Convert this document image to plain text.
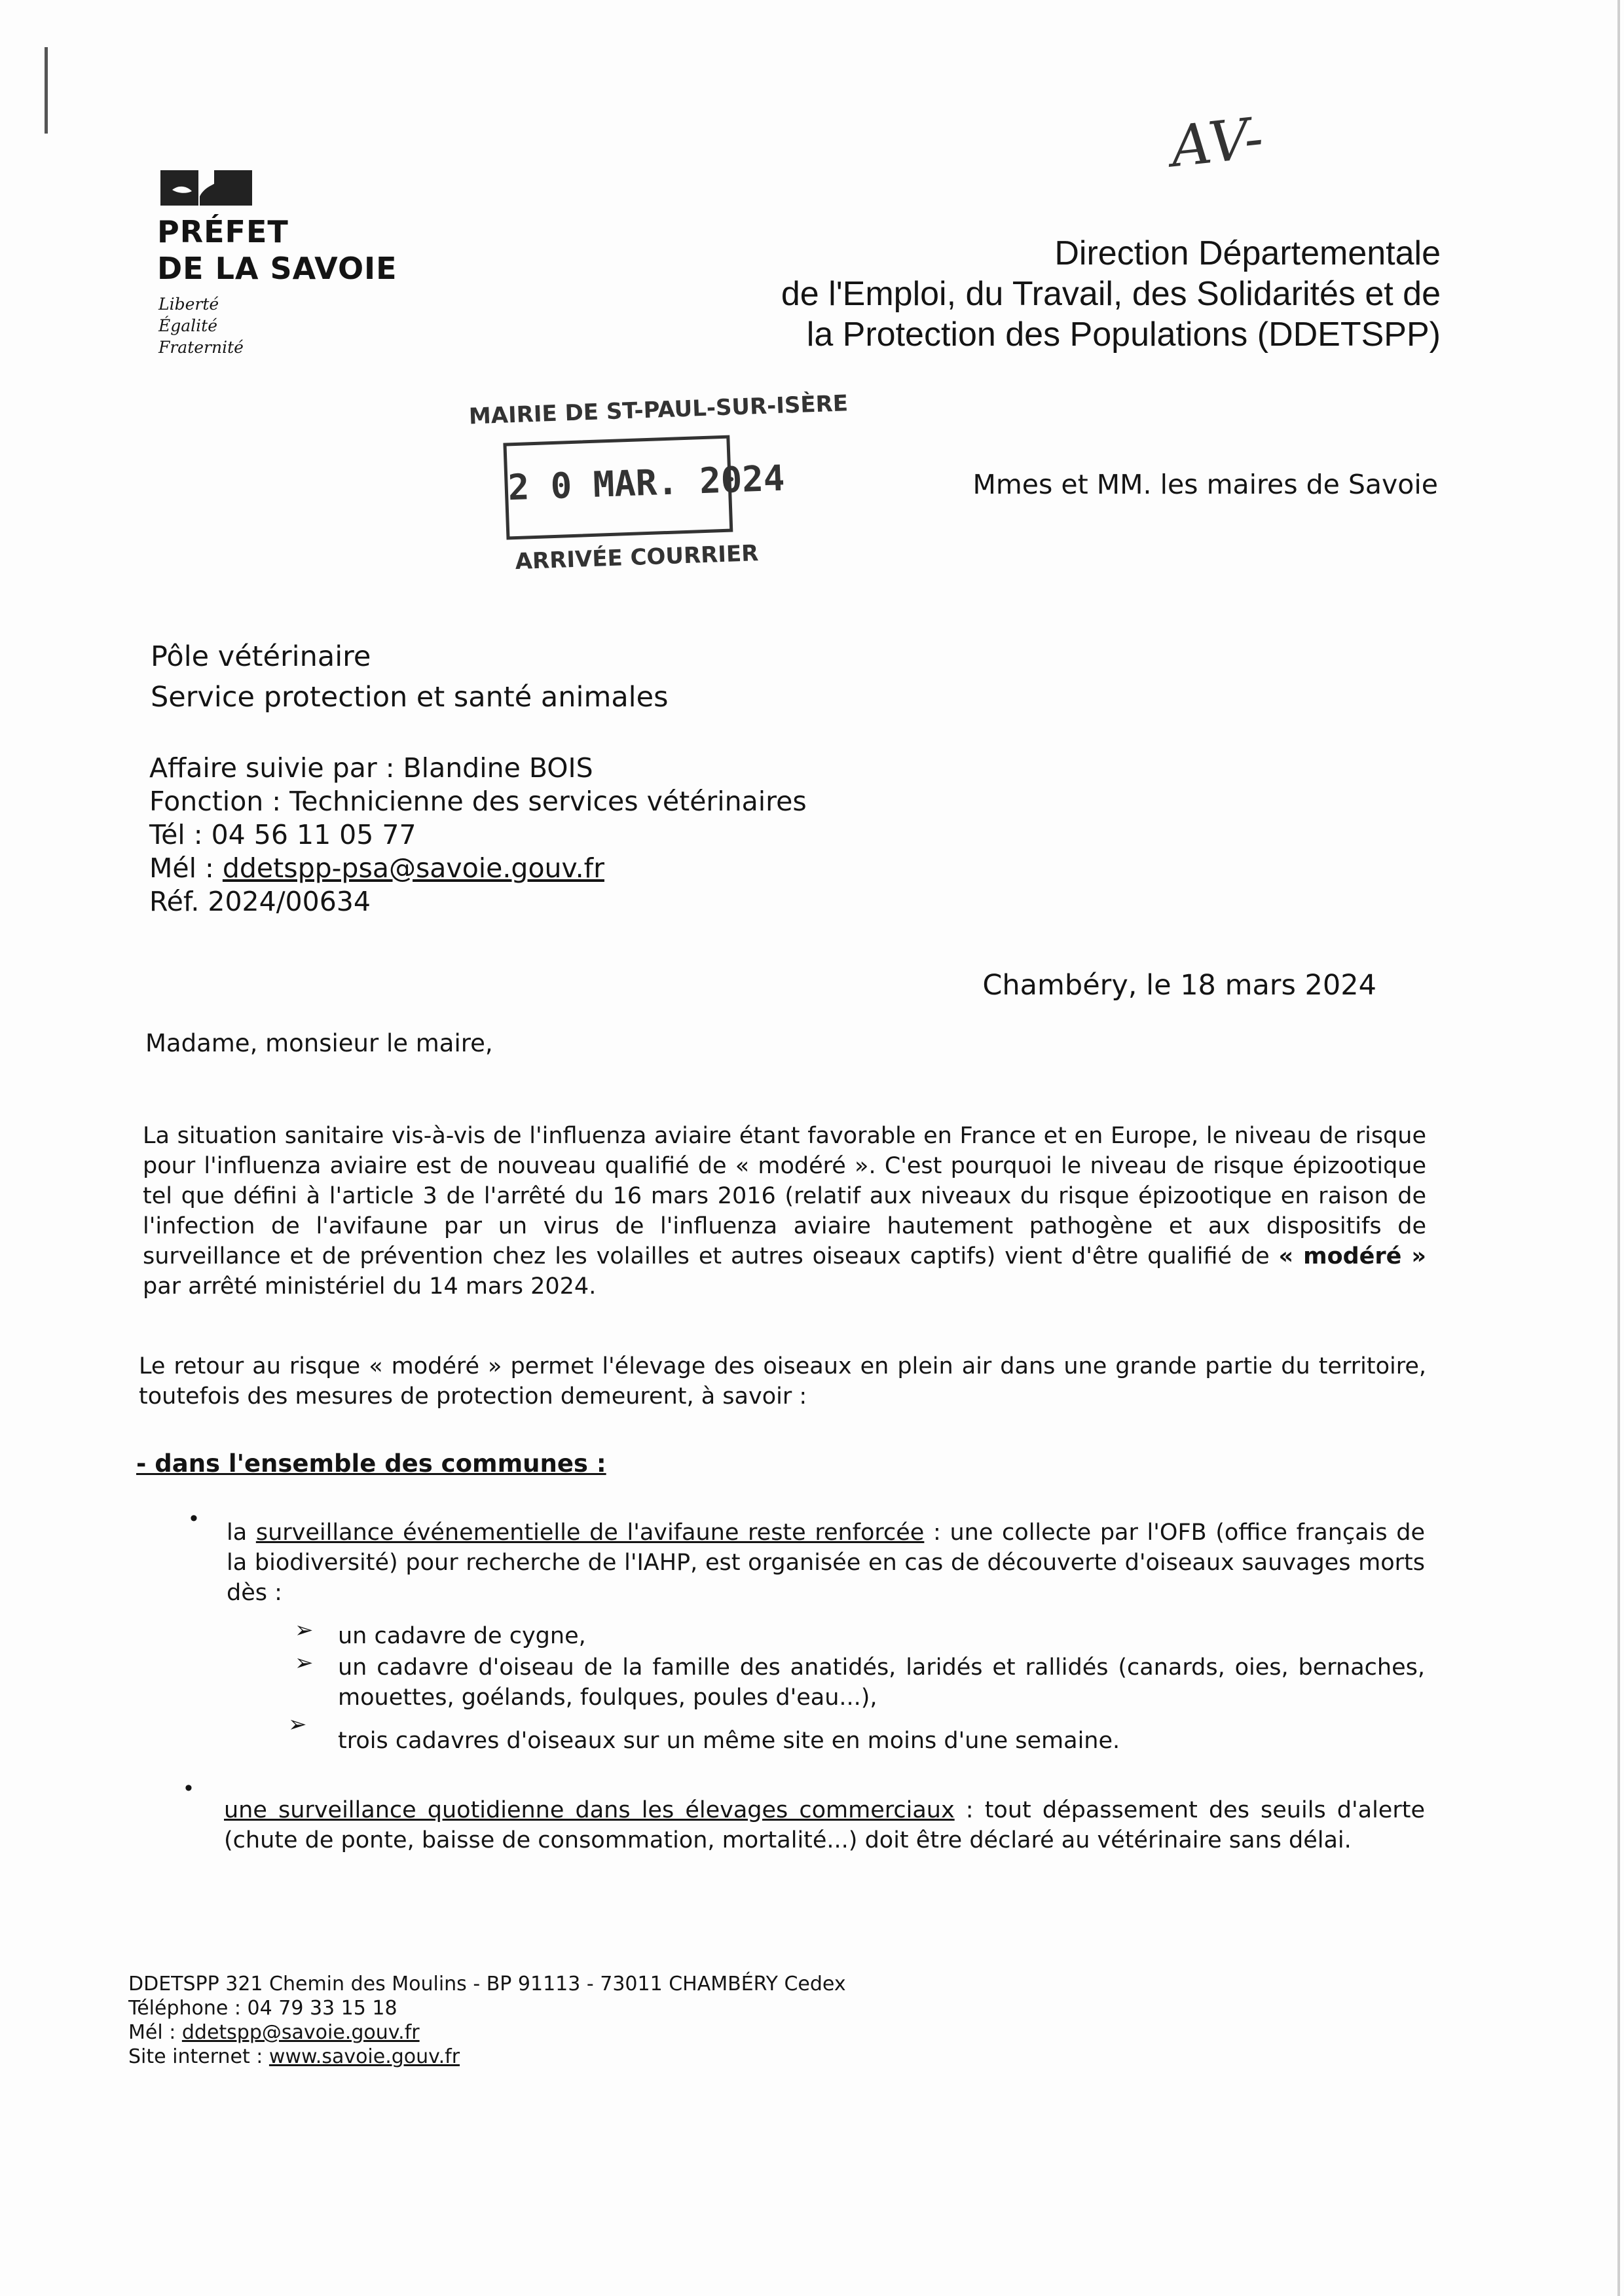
AV-
PRÉFET
DE LA SAVOIE
Liberté
Égalité
Fraternité
Direction Départementale
de l'Emploi, du Travail, des Solidarités et de
la Protection des Populations (DDETSPP)
MAIRIE DE ST-PAUL-SUR-ISÈRE
2 0 MAR. 2024
ARRIVÉE COURRIER
Mmes et MM. les maires de Savoie
Pôle vétérinaire
Service protection et santé animales
Affaire suivie par : Blandine BOIS
Fonction : Technicienne des services vétérinaires
Tél : 04 56 11 05 77
Mél : ddetspp-psa@savoie.gouv.fr
Réf. 2024/00634
Chambéry, le 18 mars 2024
Madame, monsieur le maire,
La situation sanitaire vis-à-vis de l'influenza aviaire étant favorable en France et en Europe, le niveau de risque pour l'influenza aviaire est de nouveau qualifié de « modéré ». C'est pourquoi le niveau de risque épizootique tel que défini à l'article 3 de l'arrêté du 16 mars 2016 (relatif aux niveaux du risque épizootique en raison de l'infection de l'avifaune par un virus de l'influenza aviaire hautement pathogène et aux dispositifs de surveillance et de prévention chez les volailles et autres oiseaux captifs) vient d'être qualifié de « modéré » par arrêté ministériel du 14 mars 2024.
Le retour au risque « modéré » permet l'élevage des oiseaux en plein air dans une grande partie du territoire, toutefois des mesures de protection demeurent, à savoir :
- dans l'ensemble des communes :
•
la surveillance événementielle de l'avifaune reste renforcée : une collecte par l'OFB (office français de la biodiversité) pour recherche de l'IAHP, est organisée en cas de découverte d'oiseaux sauvages morts dès :
➢ un cadavre de cygne,
➢ un cadavre d'oiseau de la famille des anatidés, laridés et rallidés (canards, oies, bernaches, mouettes, goélands, foulques, poules d'eau...),
➢
trois cadavres d'oiseaux sur un même site en moins d'une semaine.
•
une surveillance quotidienne dans les élevages commerciaux : tout dépassement des seuils d'alerte (chute de ponte, baisse de consommation, mortalité...) doit être déclaré au vétérinaire sans délai.
DDETSPP 321 Chemin des Moulins - BP 91113 - 73011 CHAMBÉRY Cedex
Téléphone : 04 79 33 15 18
Mél : ddetspp@savoie.gouv.fr
Site internet : www.savoie.gouv.fr
